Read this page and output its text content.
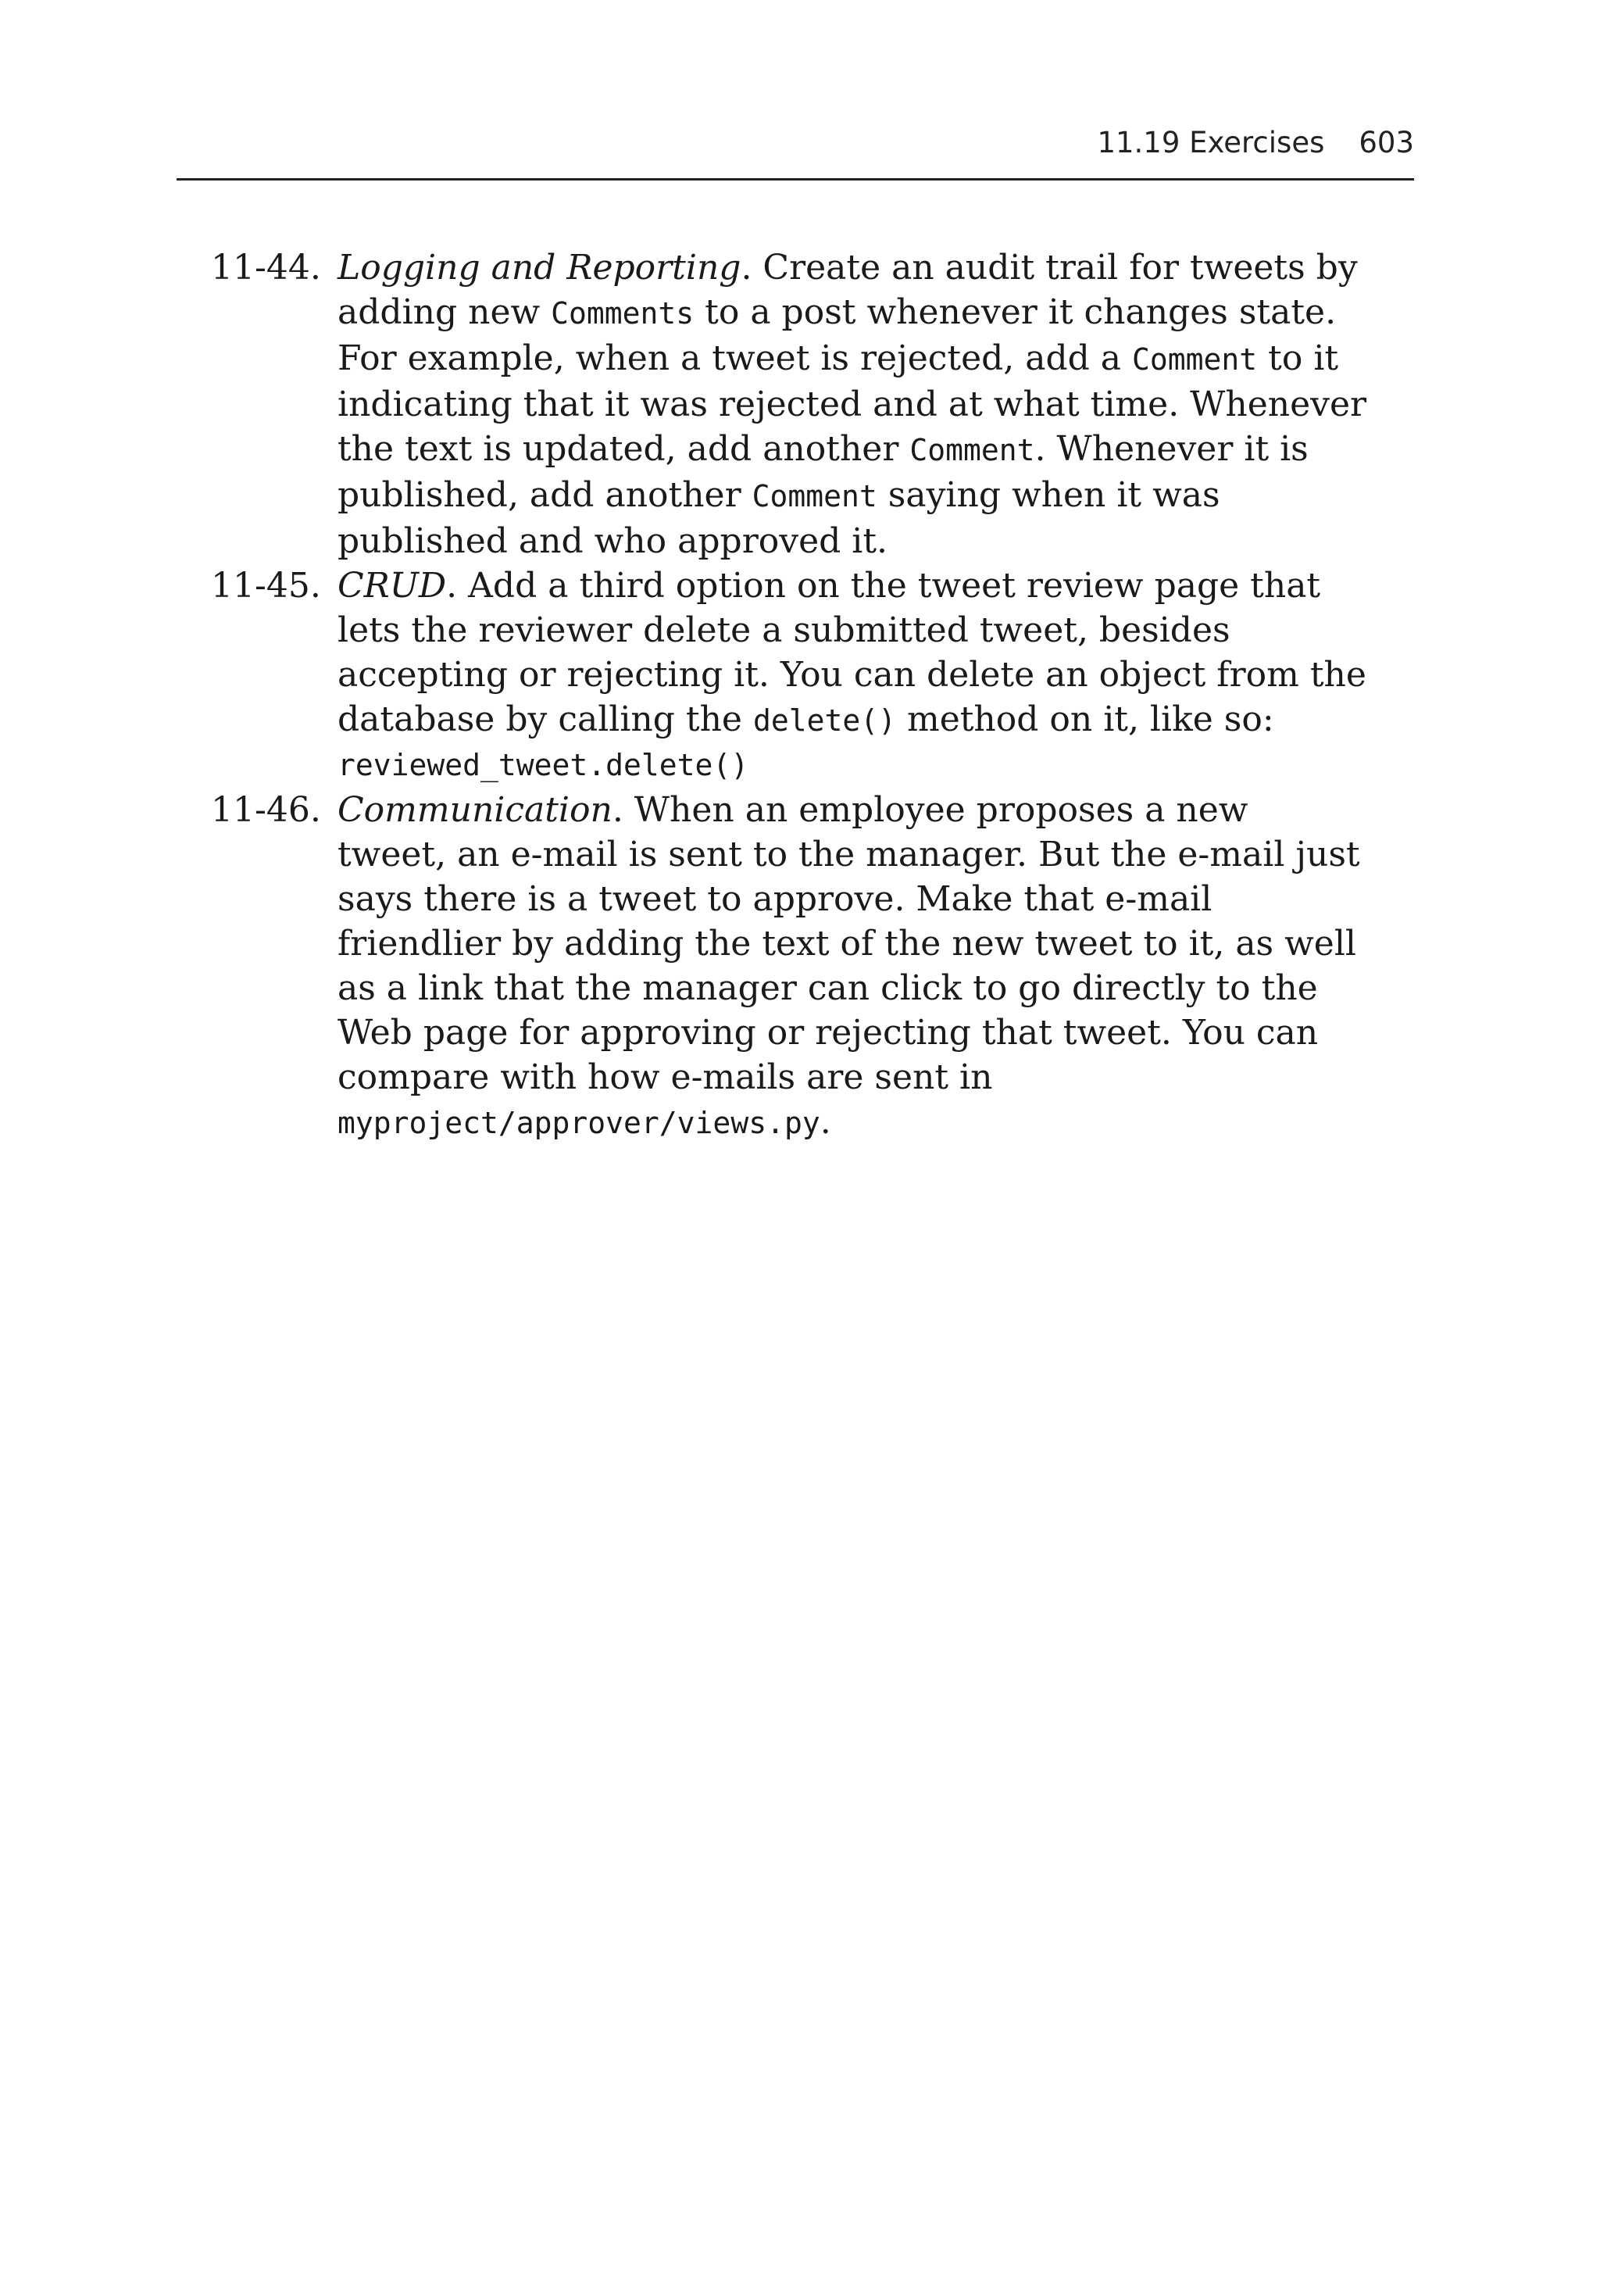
11.19 Exercises 603
11-44. Logging and Reporting. Create an audit trail for tweets by adding new Comments to a post whenever it changes state. For example, when a tweet is rejected, add a Comment to it indicating that it was rejected and at what time. Whenever the text is updated, add another Comment. Whenever it is published, add another Comment saying when it was published and who approved it.

11-45. CRUD. Add a third option on the tweet review page that lets the reviewer delete a submitted tweet, besides accepting or rejecting it. You can delete an object from the database by calling the delete() method on it, like so:

reviewed_tweet.delete()
11-46. Communication. When an employee proposes a new tweet, an e-mail is sent to the manager. But the e-mail just says there is a tweet to approve. Make that e-mail friendlier by adding the text of the new tweet to it, as well as a link that the manager can click to go directly to the Web page for approving or rejecting that tweet. You can compare with how e-mails are sent in myproject/approver/views.py.
